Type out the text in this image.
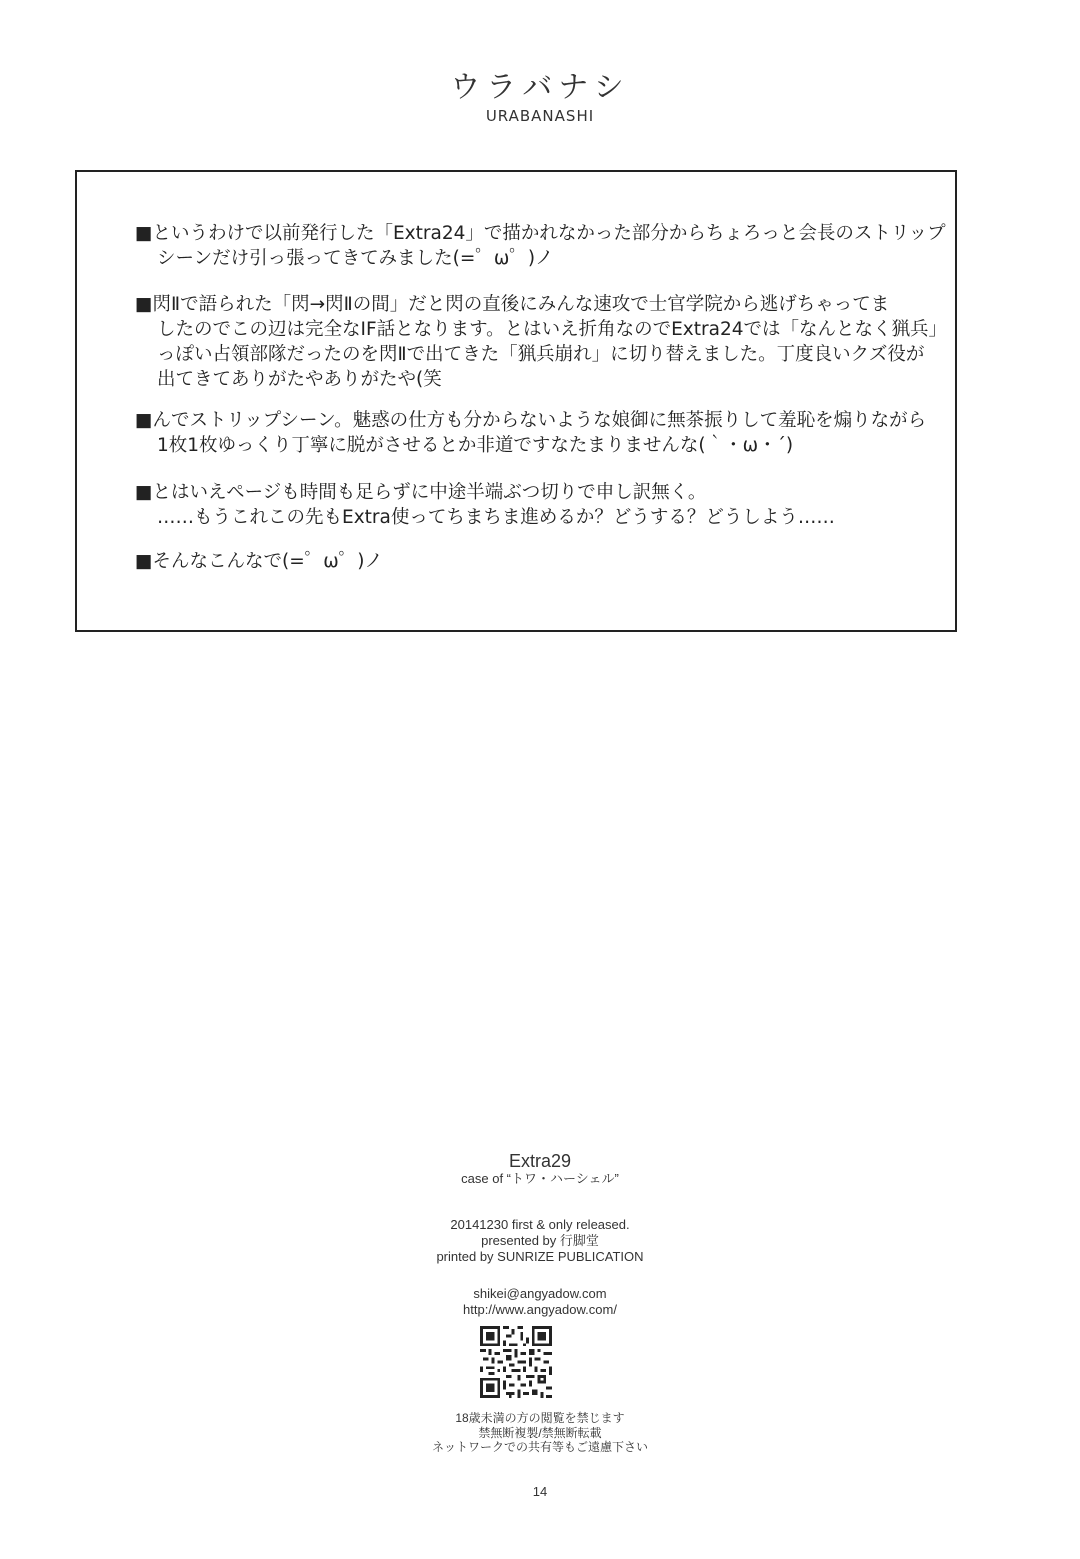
ウラバナシ
URABANASHI
■というわけで以前発行した「Extra24」で描かれなかった部分からちょろっと会長のストリップ
シーンだけ引っ張ってきてみました(=゜ω゜)ノ
■閃Ⅱで語られた「閃→閃Ⅱの間」だと閃の直後にみんな速攻で士官学院から逃げちゃってま
したのでこの辺は完全なIF話となります。とはいえ折角なのでExtra24では「なんとなく猟兵」
っぽい占領部隊だったのを閃Ⅱで出てきた「猟兵崩れ」に切り替えました。丁度良いクズ役が
出てきてありがたやありがたや(笑
■んでストリップシーン。魅惑の仕方も分からないような娘御に無茶振りして羞恥を煽りながら
1枚1枚ゆっくり丁寧に脱がさせるとか非道ですなたまりませんな(｀・ω・´)
■とはいえページも時間も足らずに中途半端ぶつ切りで申し訳無く。
……もうこれこの先もExtra使ってちまちま進めるか？どうする？どうしよう……
■そんなこんなで(=゜ω゜)ノ
Extra29
case of “トワ・ハーシェル”
20141230 first & only released.
presented by 行脚堂
printed by SUNRIZE PUBLICATION
shikei@angyadow.com
http://www.angyadow.com/
18歳未満の方の閲覧を禁じます
禁無断複製/禁無断転載
ネットワークでの共有等もご遠慮下さい
14
